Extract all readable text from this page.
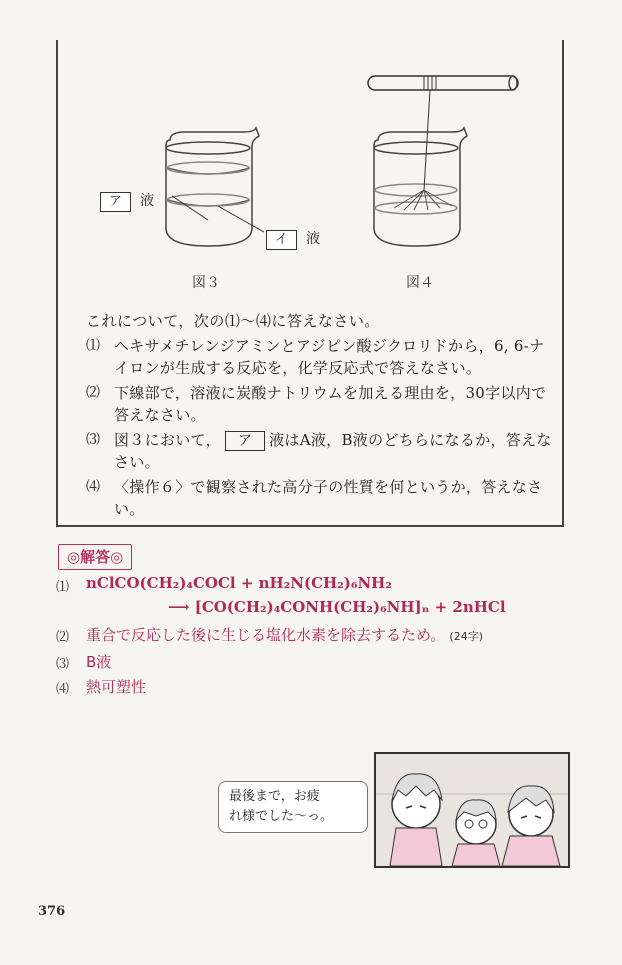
ア 液
イ 液
図３	図４

これについて，次の⑴～⑷に答えなさい。

⑴ ヘキサメチレンジアミンとアジピン酸ジクロリドから，6, 6-ナイロンが生成する反応を，化学反応式で答えなさい。
⑵ 下線部で，溶液に炭酸ナトリウムを加える理由を，30字以内で答えなさい。
⑶ 図３において， ア 液はA液，B液のどちらになるか，答えなさい。
⑷ 〈操作６〉で観察された高分子の性質を何というか，答えなさい。
◎解答◎
⑴	nClCO(CH₂)₄COCl + nH₂N(CH₂)₆NH₂
⟶ [CO(CH₂)₄CONH(CH₂)₆NH]ₙ + 2nHCl
⑵	重合で反応した後に生じる塩化水素を除去するため。 (24字)
⑶	B液
⑷	熱可塑性
最後まで，お疲
れ様でした～っ。
376
